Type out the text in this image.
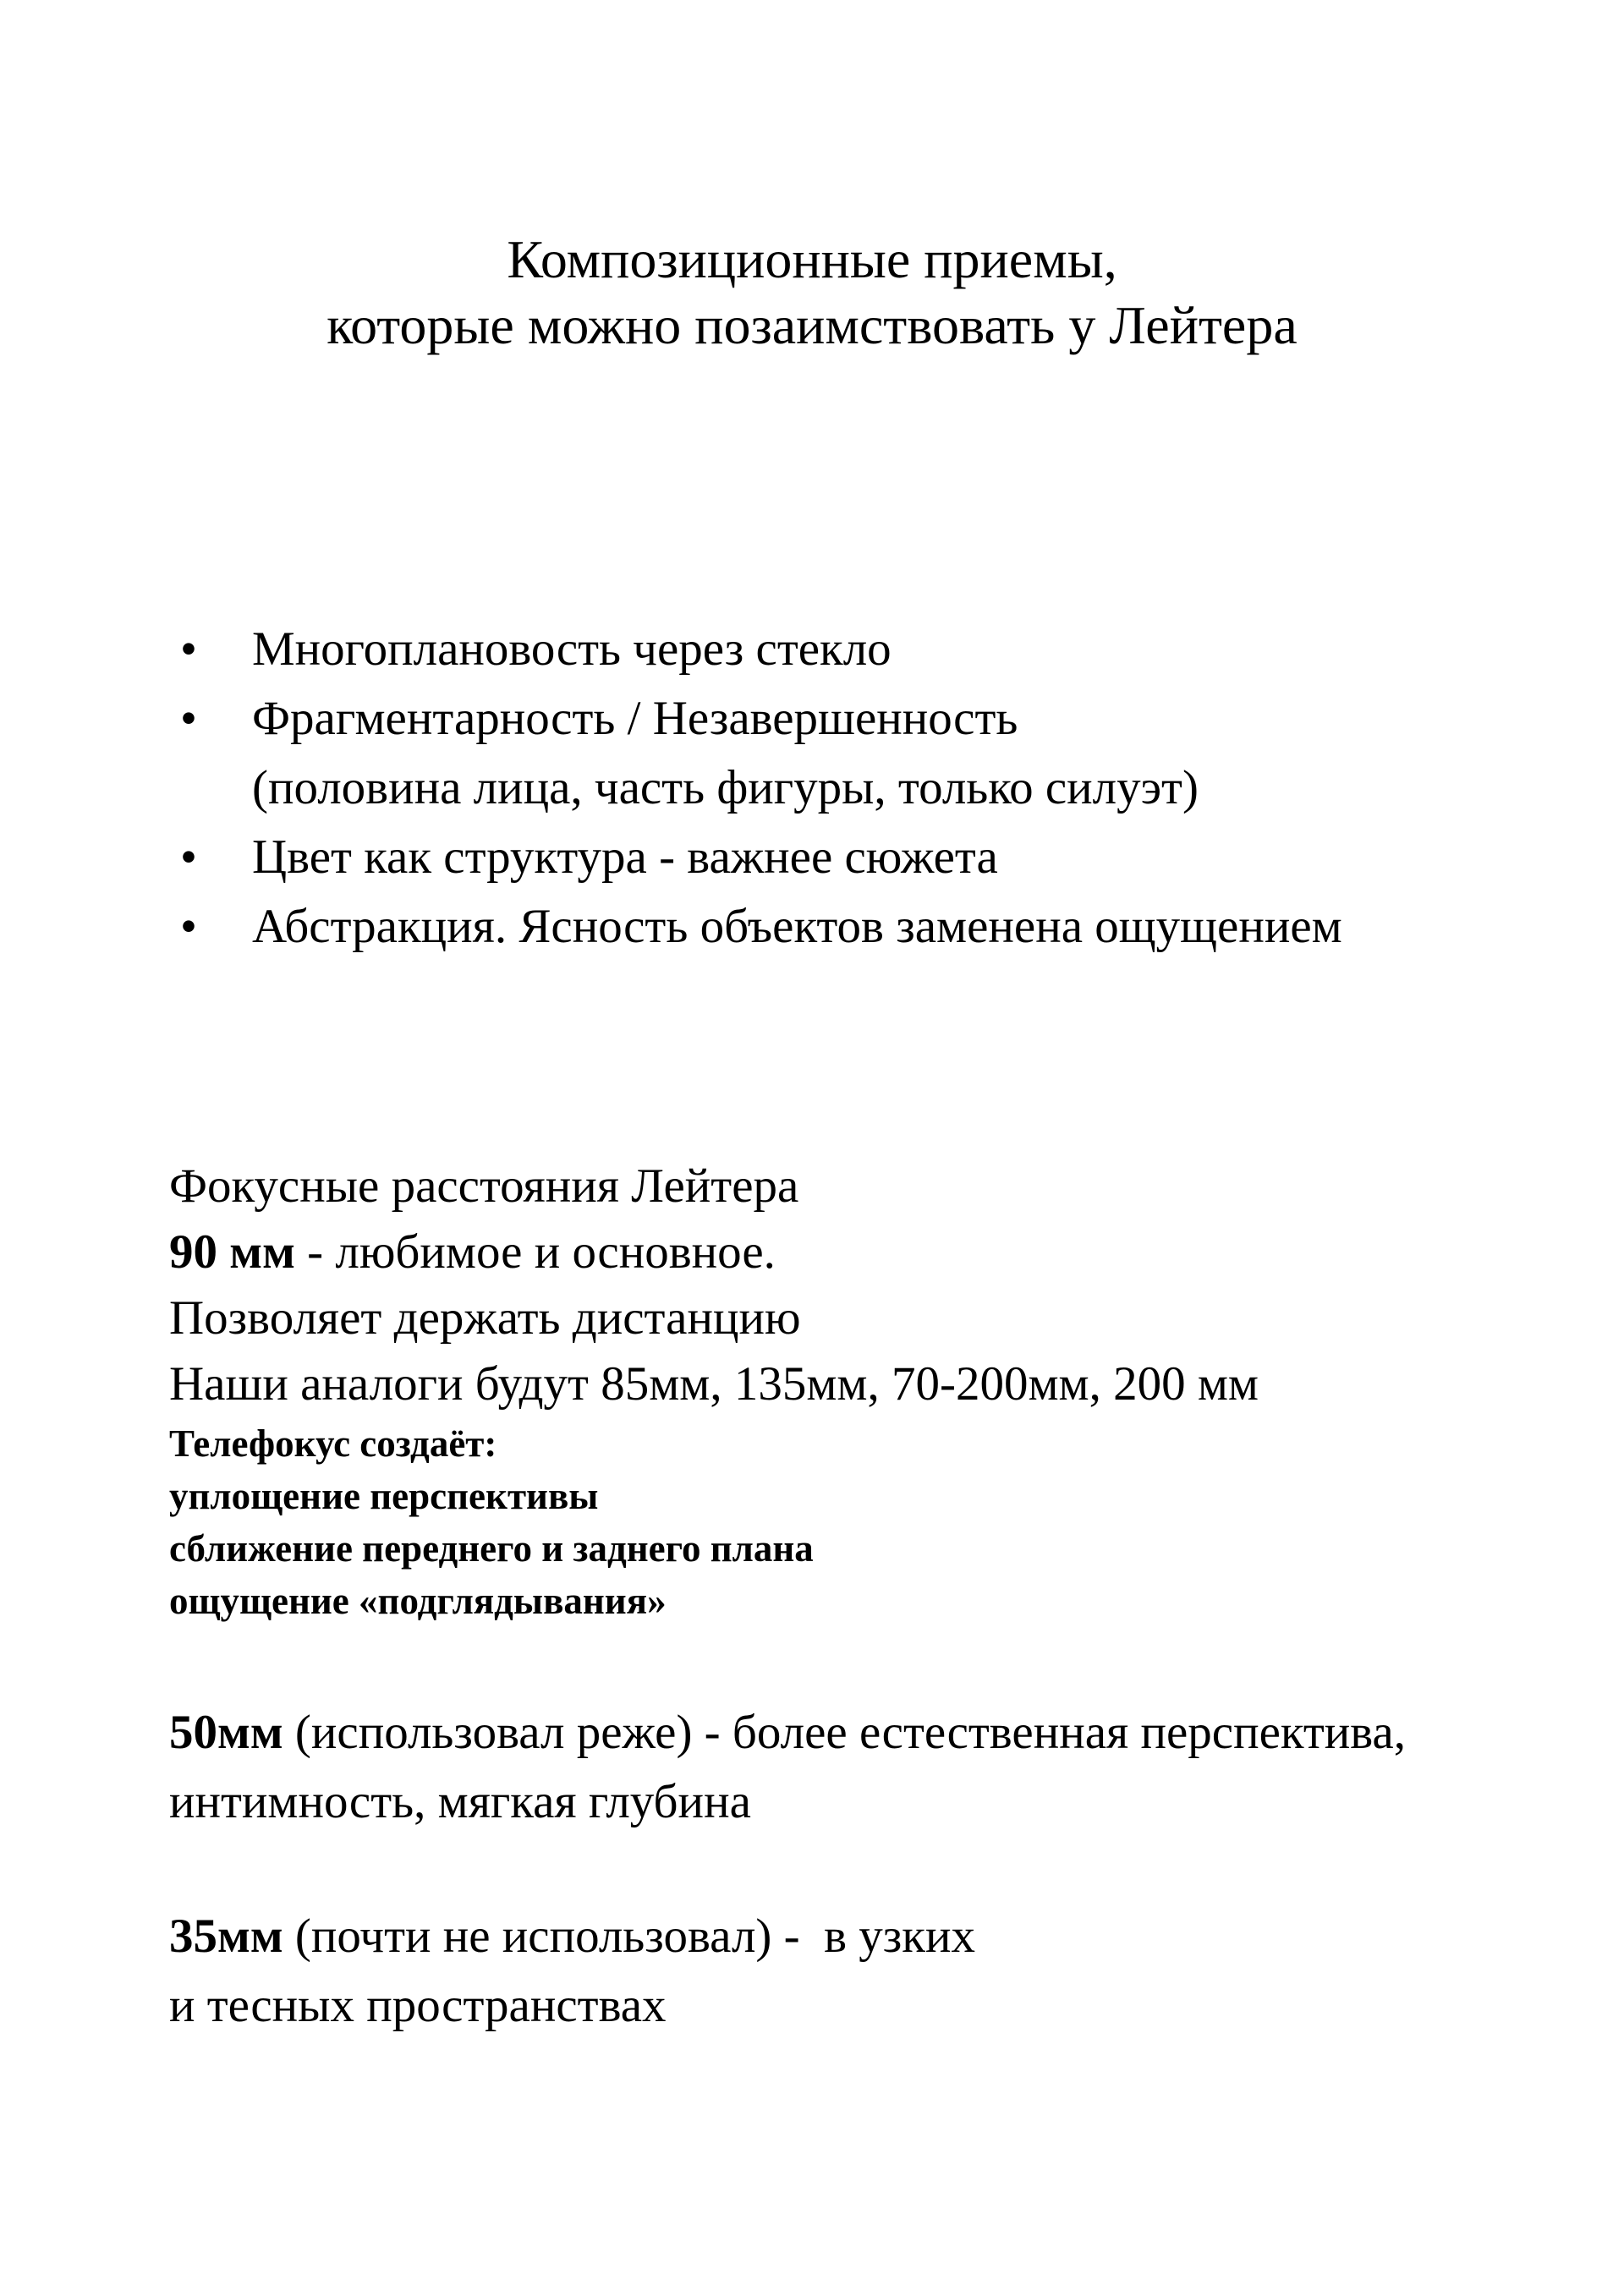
Композиционные приемы,
которые можно позаимствовать у Лейтера
•	Многоплановость через стекло
•	Фрагментарность / Незавершенность
(половина лица, часть фигуры, только силуэт)
•	Цвет как структура - важнее сюжета
•	Абстракция. Ясность объектов заменена ощущением
Фокусные расстояния Лейтера
90 мм - любимое и основное.
Позволяет держать дистанцию
Наши аналоги будут 85мм, 135мм, 70-200мм, 200 мм
Телефокус создаёт:
уплощение перспективы
сближение переднего и заднего плана
ощущение «подглядывания»
50мм (использовал реже) - более естественная перспектива,
интимность, мягкая глубина
35мм (почти не использовал) -  в узких
и тесных пространствах
